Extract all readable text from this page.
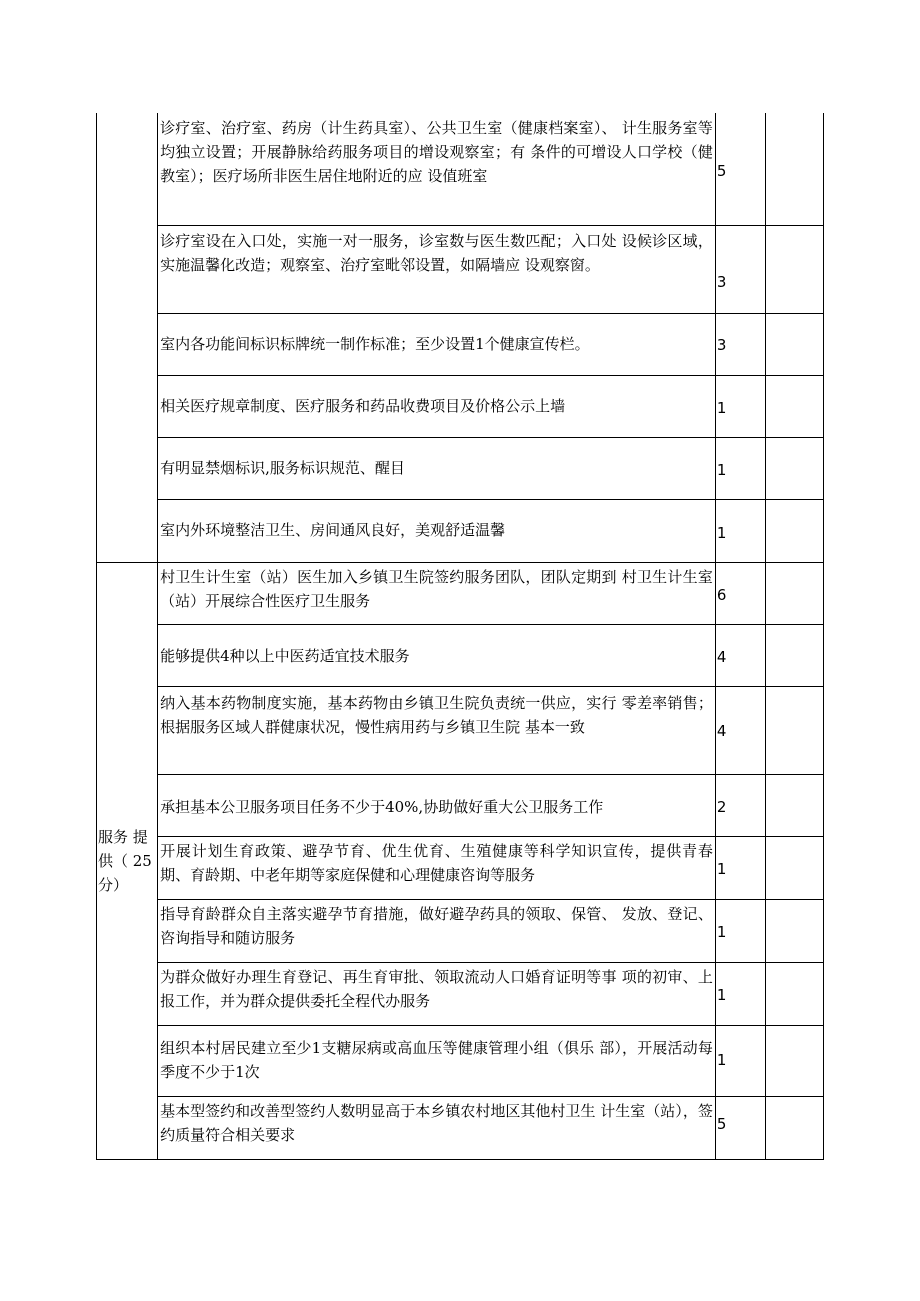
	诊疗室、治疗室、药房（计生药具室）、公共卫生室（健康档案室）、 计生服务室等均独立设置；开展静脉给药服务项目的增设观察室；有 条件的可增设人口学校（健教室）；医疗场所非医生居住地附近的应 设值班室	5	

	诊疗室设在入口处，实施一对一服务，诊室数与医生数匹配；入口处 设候诊区域，实施温馨化改造；观察室、治疗室毗邻设置，如隔墙应 设观察窗。	3	

	室内各功能间标识标牌统一制作标准；至少设置1个健康宣传栏。	3	

	相关医疗规章制度、医疗服务和药品收费项目及价格公示上墙	1	

	有明显禁烟标识,服务标识规范、醒目	1	

	室内外环境整洁卫生、房间通风良好，美观舒适温馨	1	

服务 提供（ 25 分）	村卫生计生室（站）医生加入乡镇卫生院签约服务团队，团队定期到 村卫生计生室（站）开展综合性医疗卫生服务	6	

	能够提供4种以上中医药适宜技术服务	4	

	纳入基本药物制度实施，基本药物由乡镇卫生院负责统一供应，实行 零差率销售；根据服务区域人群健康状况，慢性病用药与乡镇卫生院 基本一致	4	

	承担基本公卫服务项目任务不少于40%,协助做好重大公卫服务工作	2	

	开展计划生育政策、避孕节育、优生优育、生殖健康等科学知识宣传，提供青春期、育龄期、中老年期等家庭保健和心理健康咨询等服务	1	

	指导育龄群众自主落实避孕节育措施，做好避孕药具的领取、保管、 发放、登记、咨询指导和随访服务	1	

	为群众做好办理生育登记、再生育审批、领取流动人口婚育证明等事 项的初审、上报工作，并为群众提供委托全程代办服务	1	

	组织本村居民建立至少1支糖尿病或高血压等健康管理小组（俱乐 部），开展活动每季度不少于1次	1	

	基本型签约和改善型签约人数明显高于本乡镇农村地区其他村卫生 计生室（站），签约质量符合相关要求	5	
